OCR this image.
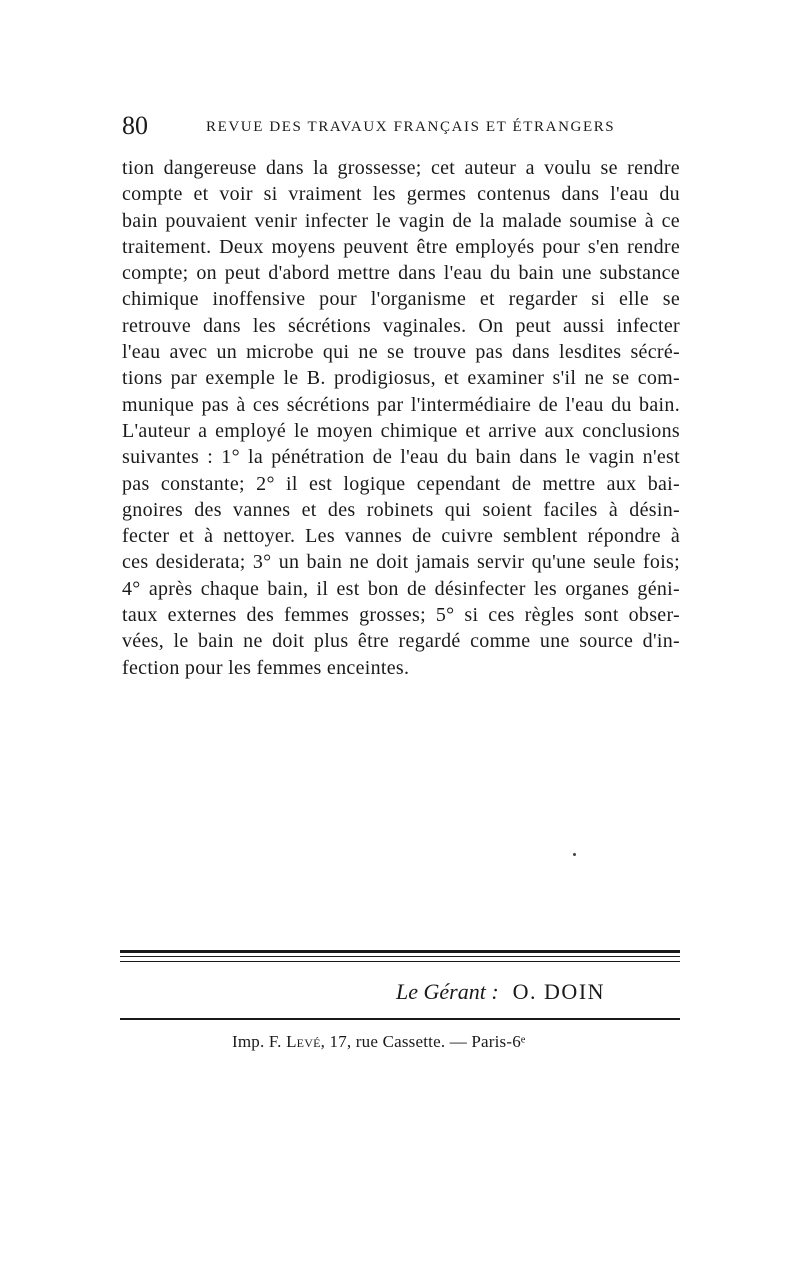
80	REVUE DES TRAVAUX FRANÇAIS ET ÉTRANGERS
tion dangereuse dans la grossesse; cet auteur a voulu se rendre
compte et voir si vraiment les germes contenus dans l'eau du
bain pouvaient venir infecter le vagin de la malade soumise à ce
traitement. Deux moyens peuvent être employés pour s'en rendre
compte; on peut d'abord mettre dans l'eau du bain une substance
chimique inoffensive pour l'organisme et regarder si elle se
retrouve dans les sécrétions vaginales. On peut aussi infecter
l'eau avec un microbe qui ne se trouve pas dans lesdites sécré-
tions par exemple le B. prodigiosus, et examiner s'il ne se com-
munique pas à ces sécrétions par l'intermédiaire de l'eau du bain.
L'auteur a employé le moyen chimique et arrive aux conclusions
suivantes : 1° la pénétration de l'eau du bain dans le vagin n'est
pas constante; 2° il est logique cependant de mettre aux bai-
gnoires des vannes et des robinets qui soient faciles à désin-
fecter et à nettoyer. Les vannes de cuivre semblent répondre à
ces desiderata; 3° un bain ne doit jamais servir qu'une seule fois;
4° après chaque bain, il est bon de désinfecter les organes géni-
taux externes des femmes grosses; 5° si ces règles sont obser-
vées, le bain ne doit plus être regardé comme une source d'in-
fection pour les femmes enceintes.
Le Gérant : O. DOIN
Imp. F. Levé, 17, rue Cassette. — Paris-6ᵉ
